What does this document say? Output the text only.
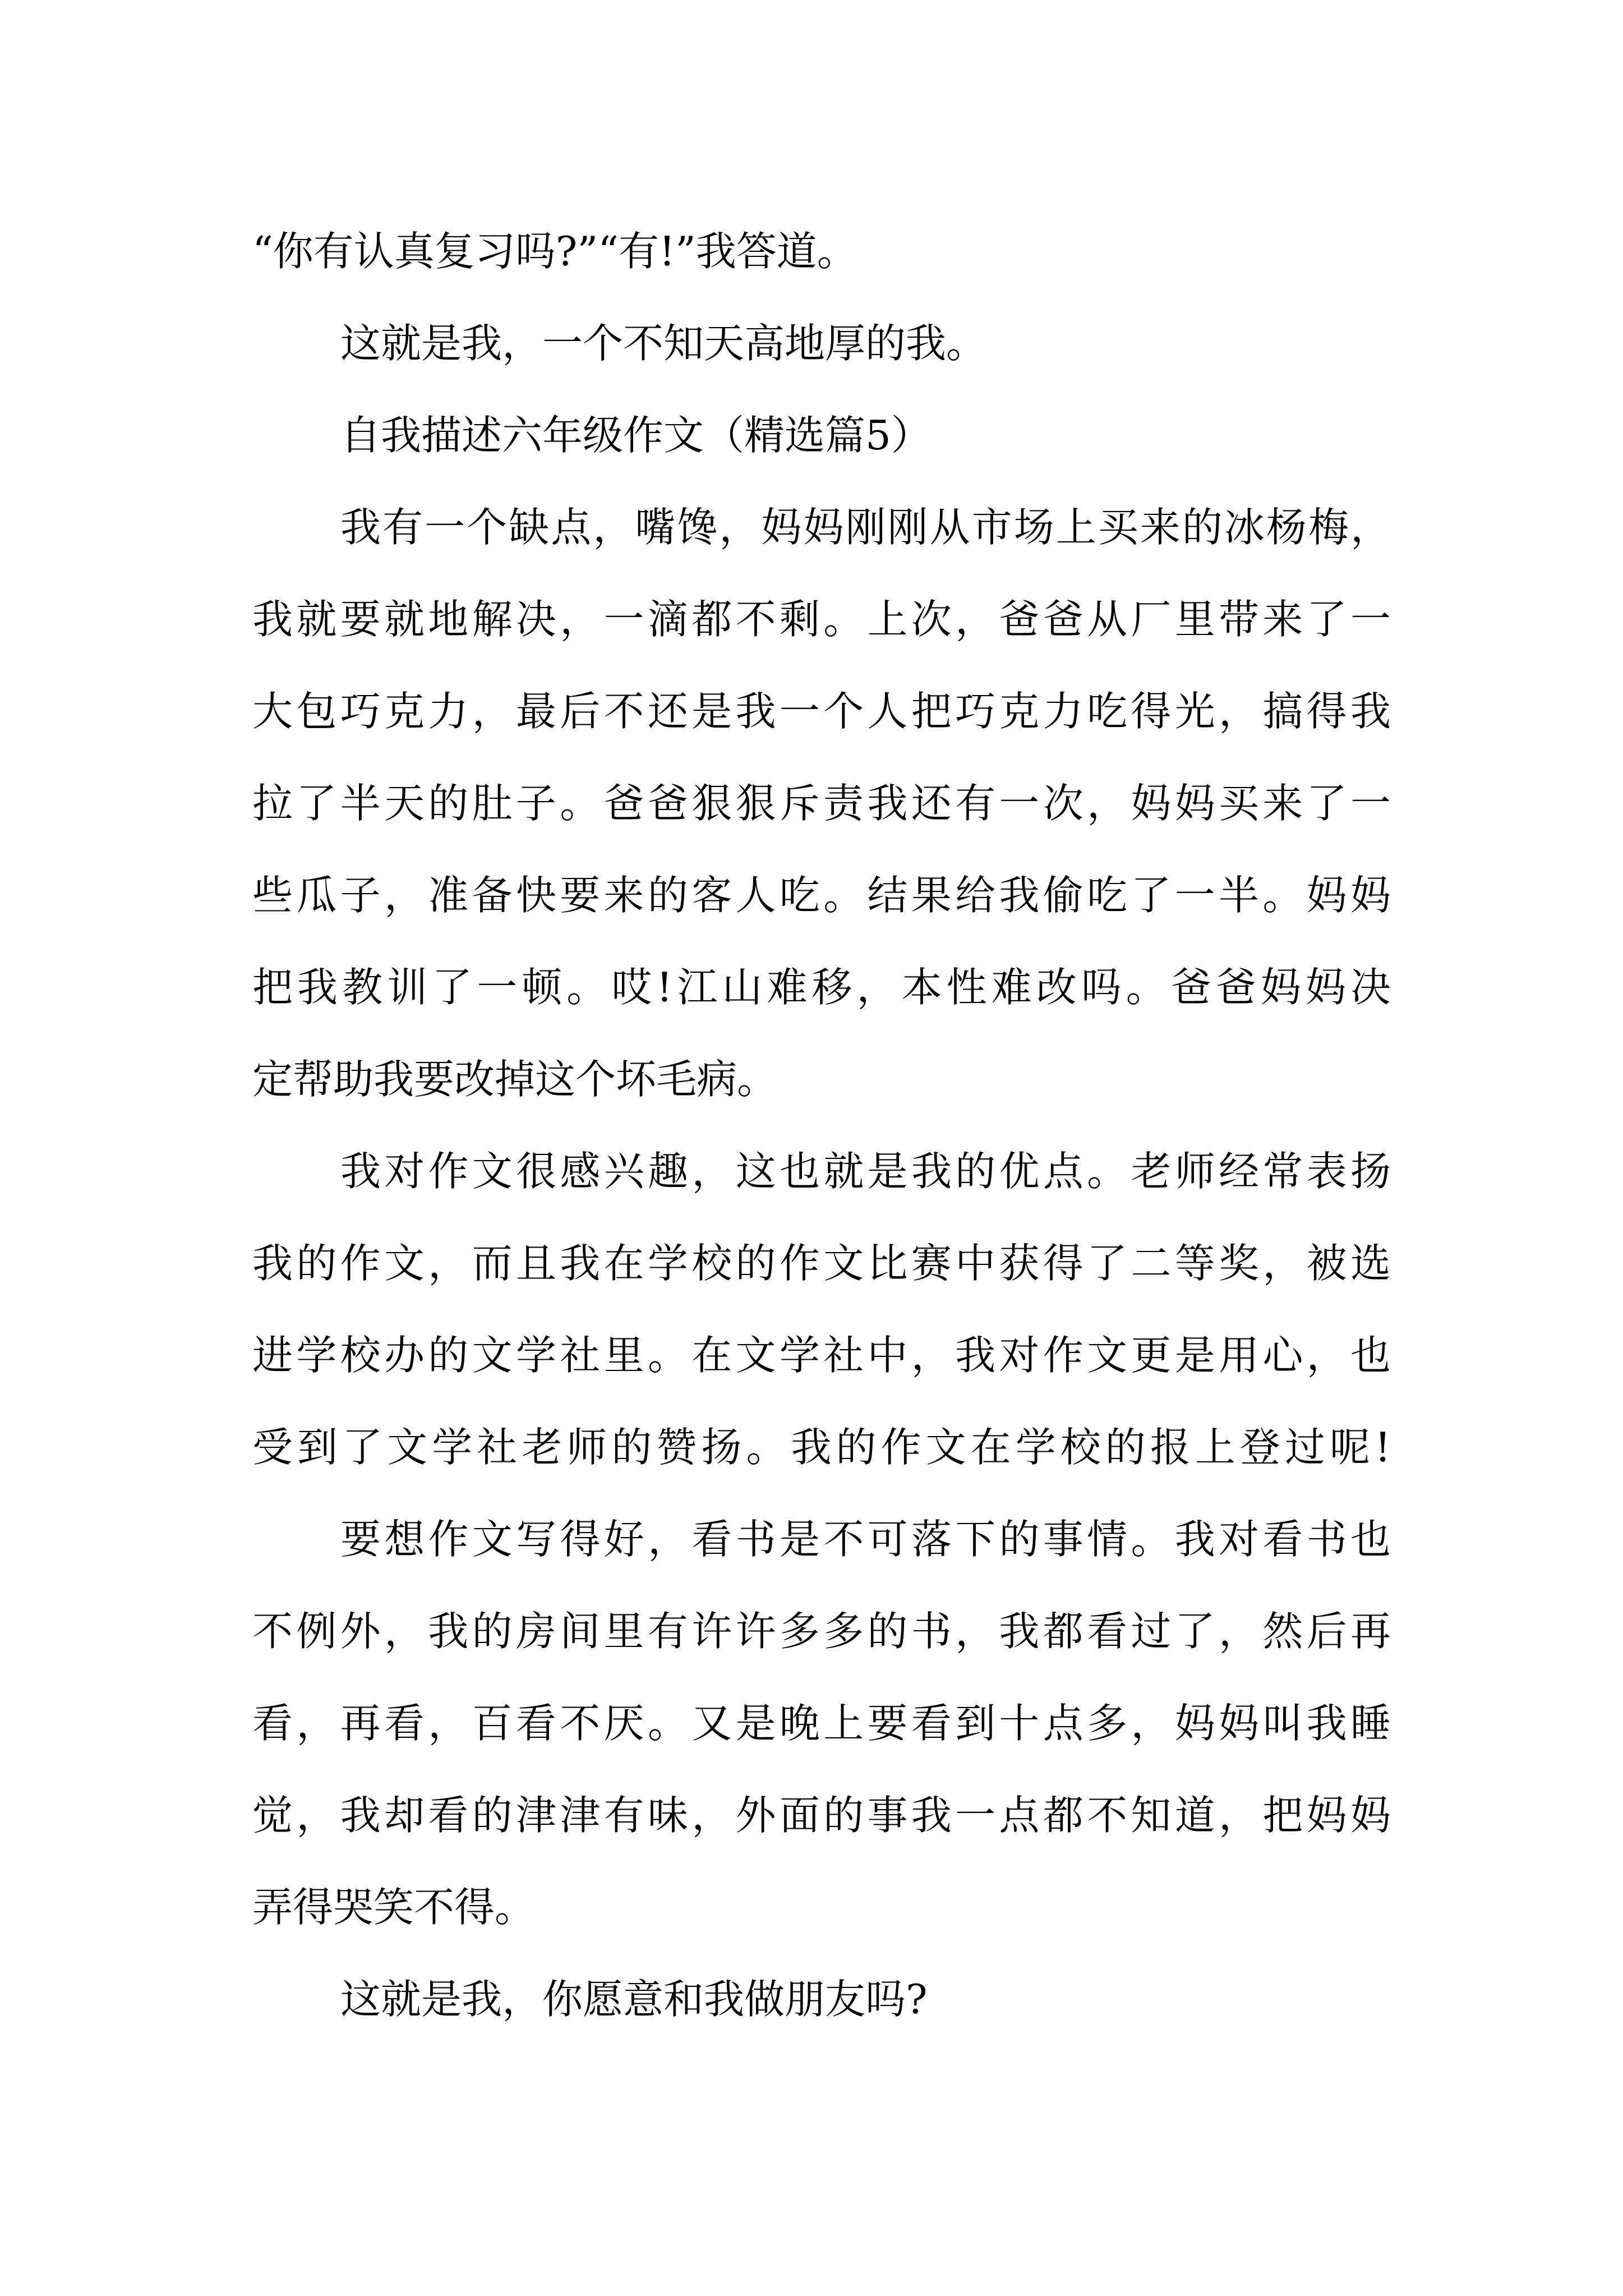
“你有认真复习吗?”“有!”我答道。
这就是我，一个不知天高地厚的我。
自我描述六年级作文（精选篇5）
我有一个缺点，嘴馋，妈妈刚刚从市场上买来的冰杨梅，
我就要就地解决，一滴都不剩。上次，爸爸从厂里带来了一
大包巧克力，最后不还是我一个人把巧克力吃得光，搞得我
拉了半天的肚子。爸爸狠狠斥责我还有一次，妈妈买来了一
些瓜子，准备快要来的客人吃。结果给我偷吃了一半。妈妈
把我教训了一顿。哎!江山难移，本性难改吗。爸爸妈妈决
定帮助我要改掉这个坏毛病。
我对作文很感兴趣，这也就是我的优点。老师经常表扬
我的作文，而且我在学校的作文比赛中获得了二等奖，被选
进学校办的文学社里。在文学社中，我对作文更是用心，也
受到了文学社老师的赞扬。我的作文在学校的报上登过呢!
要想作文写得好，看书是不可落下的事情。我对看书也
不例外，我的房间里有许许多多的书，我都看过了，然后再
看，再看，百看不厌。又是晚上要看到十点多，妈妈叫我睡
觉，我却看的津津有味，外面的事我一点都不知道，把妈妈
弄得哭笑不得。
这就是我，你愿意和我做朋友吗?
